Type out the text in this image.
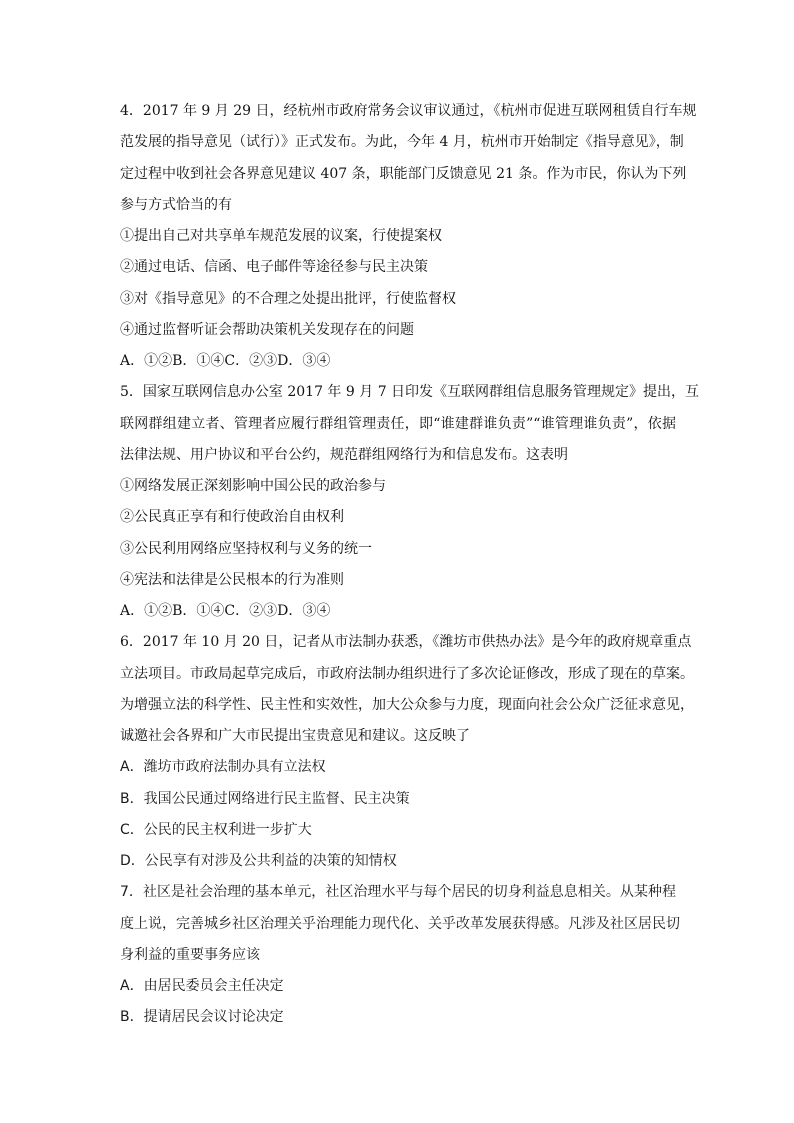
4．2017 年 9 月 29 日，经杭州市政府常务会议审议通过，《杭州市促进互联网租赁自行车规
范发展的指导意见（试行）》正式发布。为此，今年 4 月，杭州市开始制定《指导意见》，制
定过程中收到社会各界意见建议 407 条，职能部门反馈意见 21 条。作为市民，你认为下列
参与方式恰当的有
①提出自己对共享单车规范发展的议案，行使提案权
②通过电话、信函、电子邮件等途径参与民主决策
③对《指导意见》的不合理之处提出批评，行使监督权
④通过监督听证会帮助决策机关发现存在的问题
A．①②B．①④C．②③D．③④
5．国家互联网信息办公室 2017 年 9 月 7 日印发《互联网群组信息服务管理规定》提出，互
联网群组建立者、管理者应履行群组管理责任，即“谁建群谁负责”“谁管理谁负责”，依据
法律法规、用户协议和平台公约，规范群组网络行为和信息发布。这表明
①网络发展正深刻影响中国公民的政治参与
②公民真正享有和行使政治自由权利
③公民利用网络应坚持权利与义务的统一
④宪法和法律是公民根本的行为准则
A．①②B．①④C．②③D．③④
6．2017 年 10 月 20 日，记者从市法制办获悉，《潍坊市供热办法》是今年的政府规章重点
立法项目。市政局起草完成后，市政府法制办组织进行了多次论证修改，形成了现在的草案。
为增强立法的科学性、民主性和实效性，加大公众参与力度，现面向社会公众广泛征求意见，
诚邀社会各界和广大市民提出宝贵意见和建议。这反映了
A．潍坊市政府法制办具有立法权
B．我国公民通过网络进行民主监督、民主决策
C．公民的民主权利进一步扩大
D．公民享有对涉及公共利益的决策的知情权
7．社区是社会治理的基本单元，社区治理水平与每个居民的切身利益息息相关。从某种程
度上说，完善城乡社区治理关乎治理能力现代化、关乎改革发展获得感。凡涉及社区居民切
身利益的重要事务应该
A．由居民委员会主任决定
B．提请居民会议讨论决定
